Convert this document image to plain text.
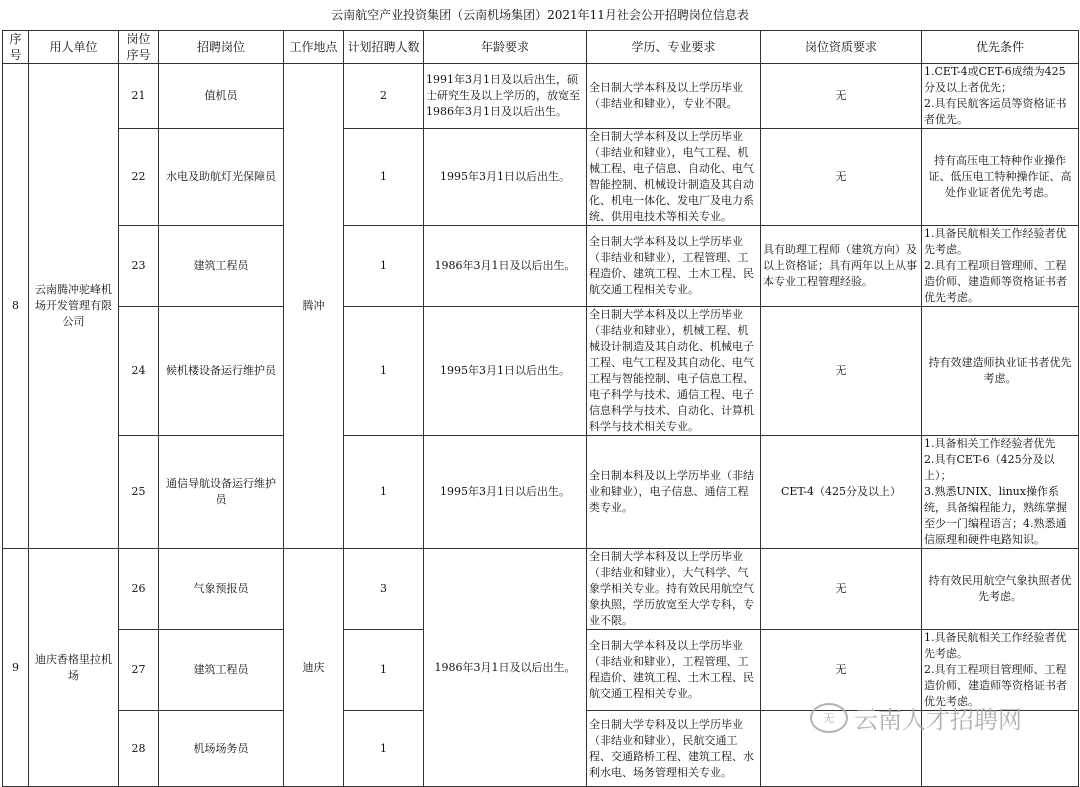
云南航空产业投资集团（云南机场集团）2021年11月社会公开招聘岗位信息表
序号	用人单位	岗位序号	招聘岗位	工作地点	计划招聘人数	年龄要求	学历、专业要求	岗位资质要求	优先条件
8	云南腾冲驼峰机场开发管理有限公司	21	值机员	腾冲	2	1991年3月1日及以后出生，硕士研究生及以上学历的，放宽至1986年3月1日及以后出生。	全日制大学本科及以上学历毕业（非结业和肄业），专业不限。	无	1.CET-4或CET-6成绩为425分及以上者优先；
2.具有民航客运员等资格证书者优先。
		22	水电及助航灯光保障员		1	1995年3月1日以后出生。	全日制大学本科及以上学历毕业（非结业和肄业），电气工程、机械工程、电子信息、自动化、电气智能控制、机械设计制造及其自动化、机电一体化、发电厂及电力系统、供用电技术等相关专业。	无	持有高压电工特种作业操作证、低压电工特种操作证、高处作业证者优先考虑。
		23	建筑工程员		1	1986年3月1日及以后出生。	全日制大学本科及以上学历毕业（非结业和肄业），工程管理、工程造价、建筑工程、土木工程、民航交通工程相关专业。	具有助理工程师（建筑方向）及以上资格证；具有两年以上从事本专业工程管理经验。	1.具备民航相关工作经验者优先考虑。
2.具有工程项目管理师、工程造价师、建造师等资格证书者优先考虑。
		24	候机楼设备运行维护员		1	1995年3月1日以后出生。	全日制大学本科及以上学历毕业（非结业和肄业），机械工程、机械设计制造及其自动化、机械电子工程、电气工程及其自动化、电气工程与智能控制、电子信息工程、电子科学与技术、通信工程、电子信息科学与技术、自动化、计算机科学与技术相关专业。	无	持有效建造师执业证书者优先考虑。
		25	通信导航设备运行维护员		1	1995年3月1日以后出生。	全日制本科及以上学历毕业（非结业和肄业），电子信息、通信工程类专业。	CET-4（425分及以上）	1.具备相关工作经验者优先
2.具有CET-6（425分及以上）；
3.熟悉UNIX、linux操作系统，具备编程能力，熟练掌握至少一门编程语言；4.熟悉通信原理和硬件电路知识。
9	迪庆香格里拉机场	26	气象预报员	迪庆	3	1986年3月1日及以后出生。	全日制大学本科及以上学历毕业（非结业和肄业），大气科学、气象学相关专业。持有效民用航空气象执照，学历放宽至大学专科，专业不限。	无	持有效民用航空气象执照者优先考虑。
		27	建筑工程员		1		全日制大学本科及以上学历毕业（非结业和肄业），工程管理、工程造价、建筑工程、土木工程、民航交通工程相关专业。	无	1.具备民航相关工作经验者优先考虑。
2.具有工程项目管理师、工程造价师、建造师等资格证书者优先考虑。
		28	机场场务员		1		全日制大学专科及以上学历毕业（非结业和肄业），民航交通工程、交通路桥工程、建筑工程、水利水电、场务管理相关专业。		
无 云南人才招聘网
